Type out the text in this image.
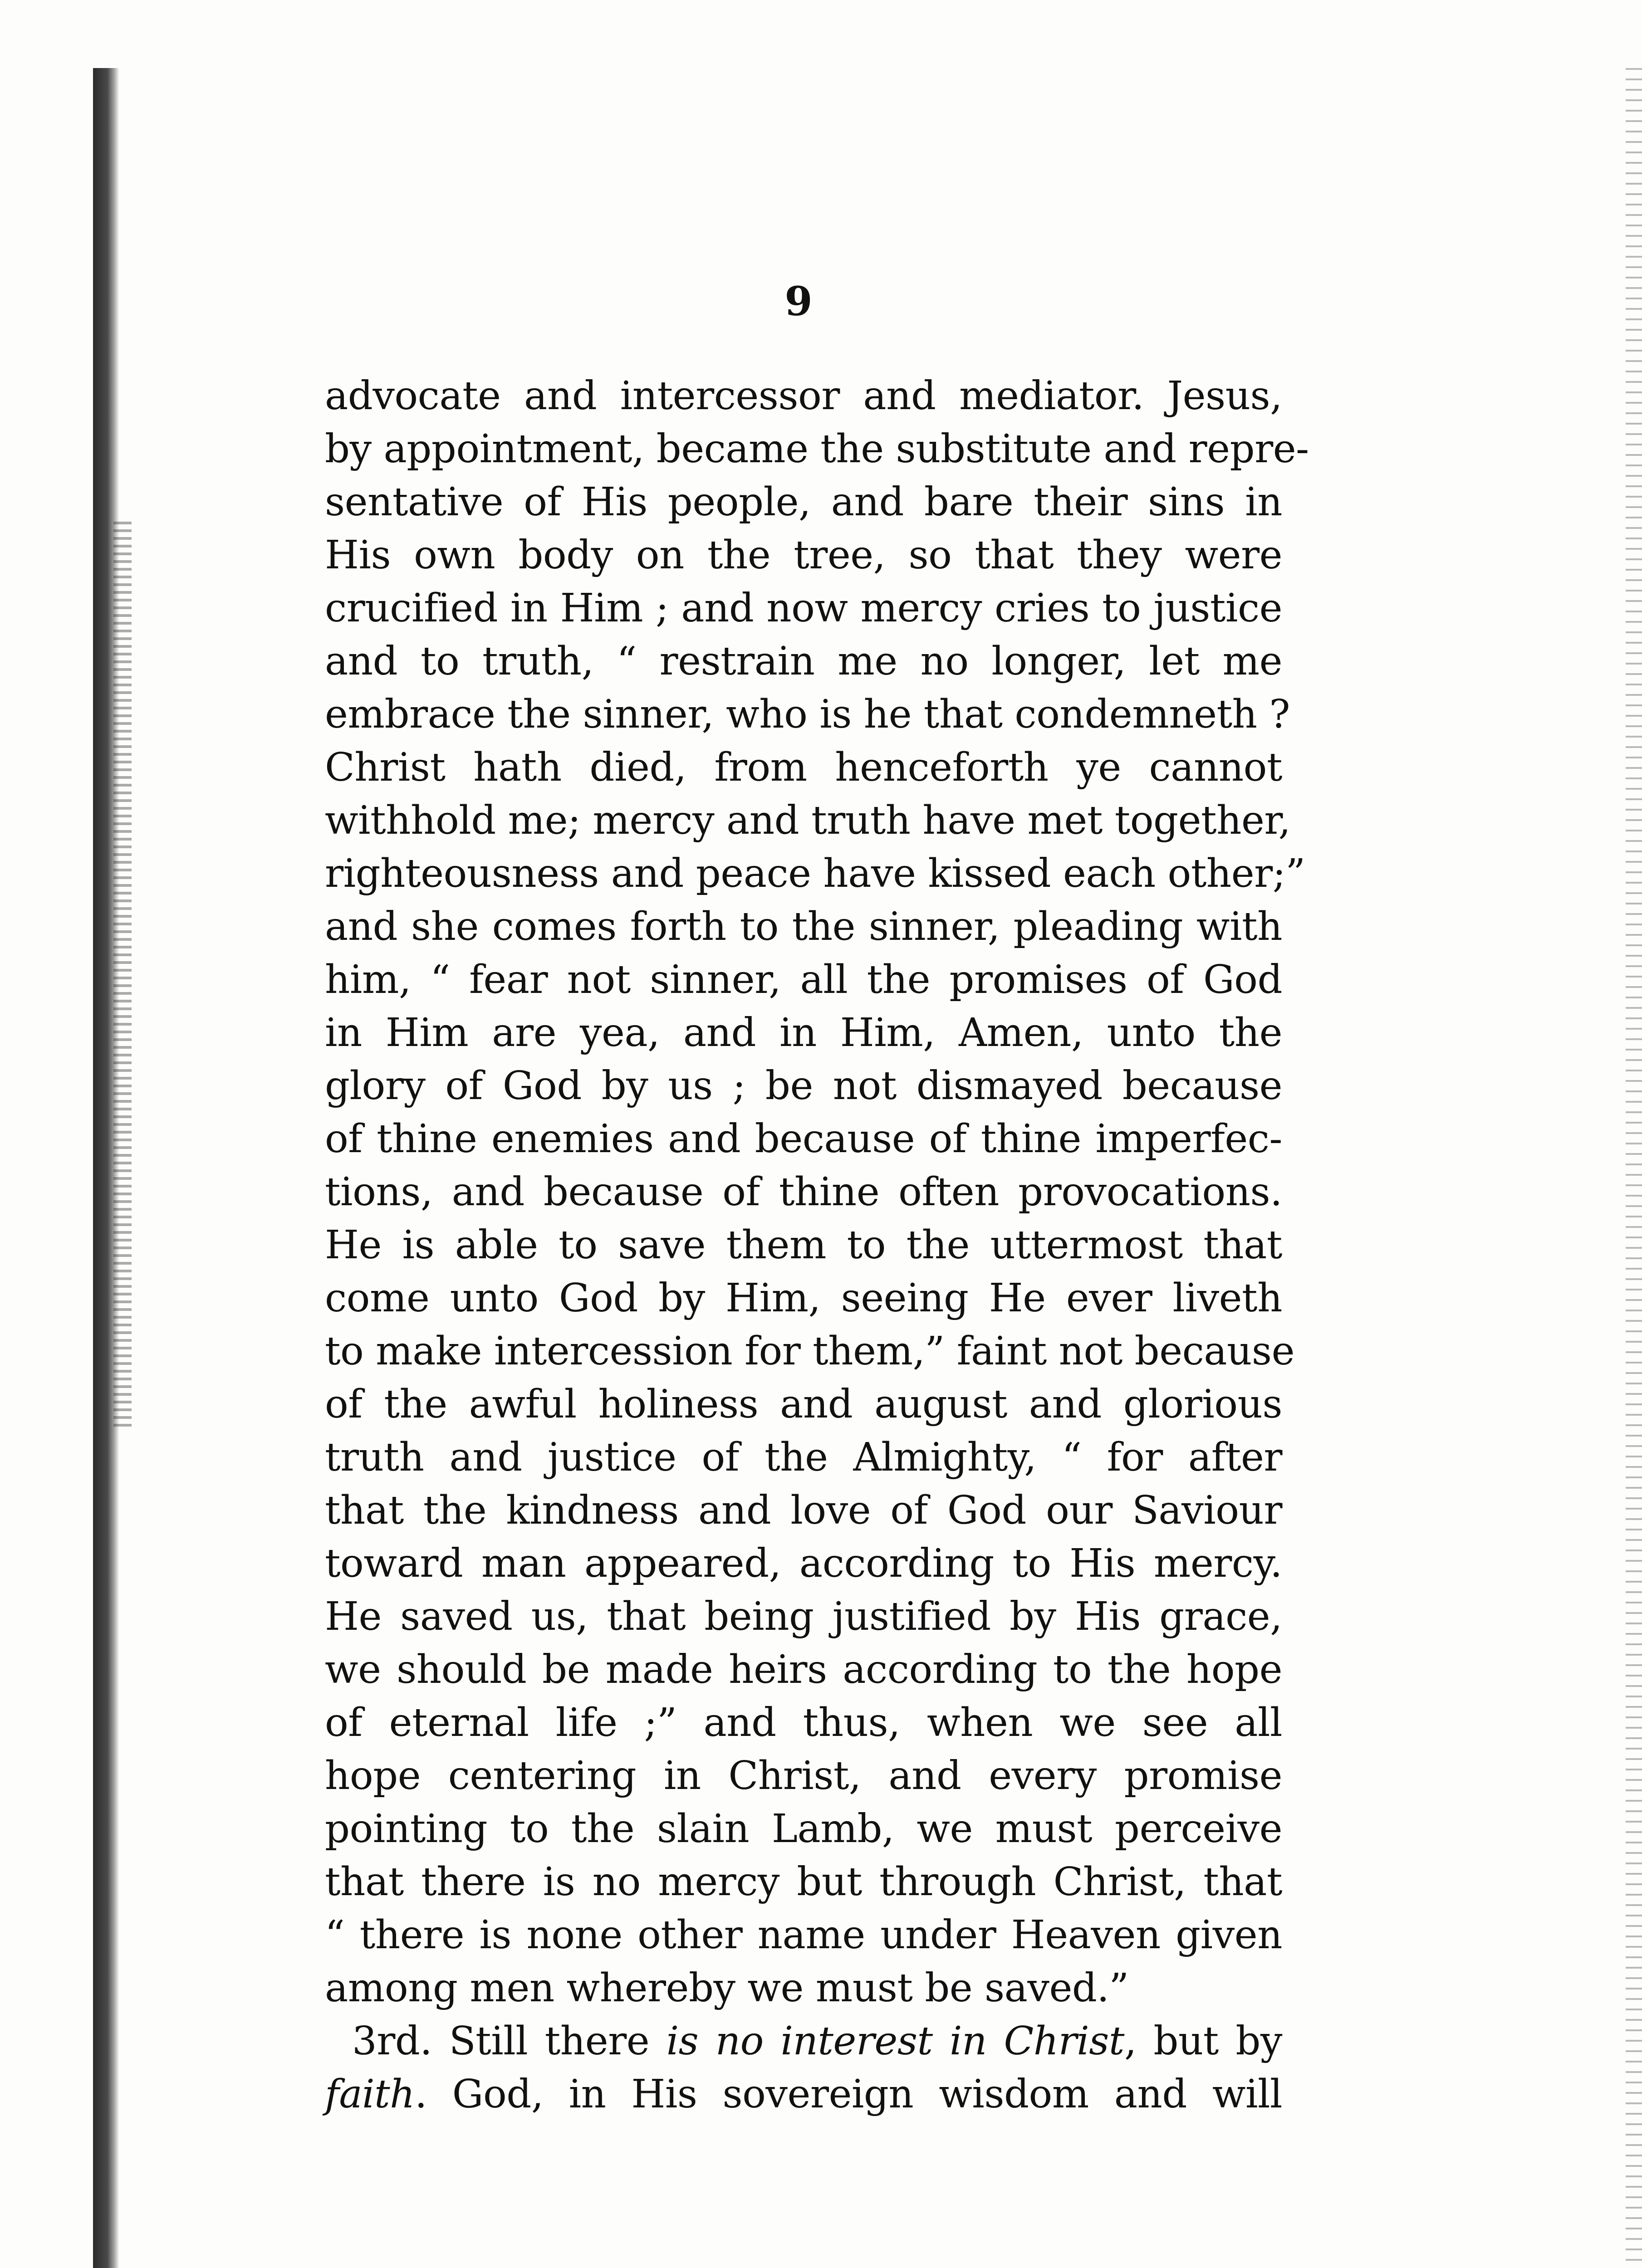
9
advocate and intercessor and mediator. Jesus,
by appointment, became the substitute and repre-
sentative of His people, and bare their sins in
His own body on the tree, so that they were
crucified in Him ; and now mercy cries to justice
and to truth, “ restrain me no longer, let me
embrace the sinner, who is he that condemneth ?
Christ hath died, from henceforth ye cannot
withhold me; mercy and truth have met together,
righteousness and peace have kissed each other;”
and she comes forth to the sinner, pleading with
him, “ fear not sinner, all the promises of God
in Him are yea, and in Him, Amen, unto the
glory of God by us ; be not dismayed because
of thine enemies and because of thine imperfec-
tions, and because of thine often provocations.
He is able to save them to the uttermost that
come unto God by Him, seeing He ever liveth
to make intercession for them,” faint not because
of the awful holiness and august and glorious
truth and justice of the Almighty, “ for after
that the kindness and love of God our Saviour
toward man appeared, according to His mercy.
He saved us, that being justified by His grace,
we should be made heirs according to the hope
of eternal life ;” and thus, when we see all
hope centering in Christ, and every promise
pointing to the slain Lamb, we must perceive
that there is no mercy but through Christ, that
“ there is none other name under Heaven given
among men whereby we must be saved.”
3rd. Still there is no interest in Christ, but by
faith. God, in His sovereign wisdom and will
